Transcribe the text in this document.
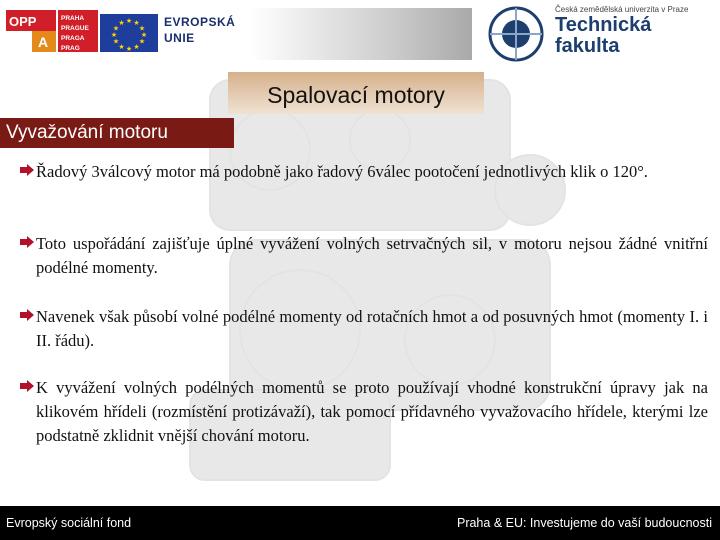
OPP
A
PRAHA
PRAGUE
PRAGA
PRAG
★ ★
★
★
★
★
★
★
★
★
★
★	EVROPSKÁ
UNIE
Česká zemědělská univerzita v Praze
Technická
fakulta
Spalovací motory
Vyvažování motoru
Řadový 3válcový motor má podobně jako řadový 6válec pootočení jednotlivých klik o 120°.
Toto uspořádání zajišťuje úplné vyvážení volných setrvačných sil, v motoru nejsou žádné vnitřní podélné momenty.
Navenek však působí volné podélné momenty od rotačních hmot a od posuvných hmot (momenty I. i II. řádu).
K vyvážení volných podélných momentů se proto používají vhodné konstrukční úpravy jak na klikovém hřídeli (rozmístění protizávaží), tak pomocí přídavného vyvažovacího hřídele, kterými lze podstatně zklidnit vnější chování motoru.
Evropský sociální fond	Praha & EU: Investujeme do vaší budoucnosti
